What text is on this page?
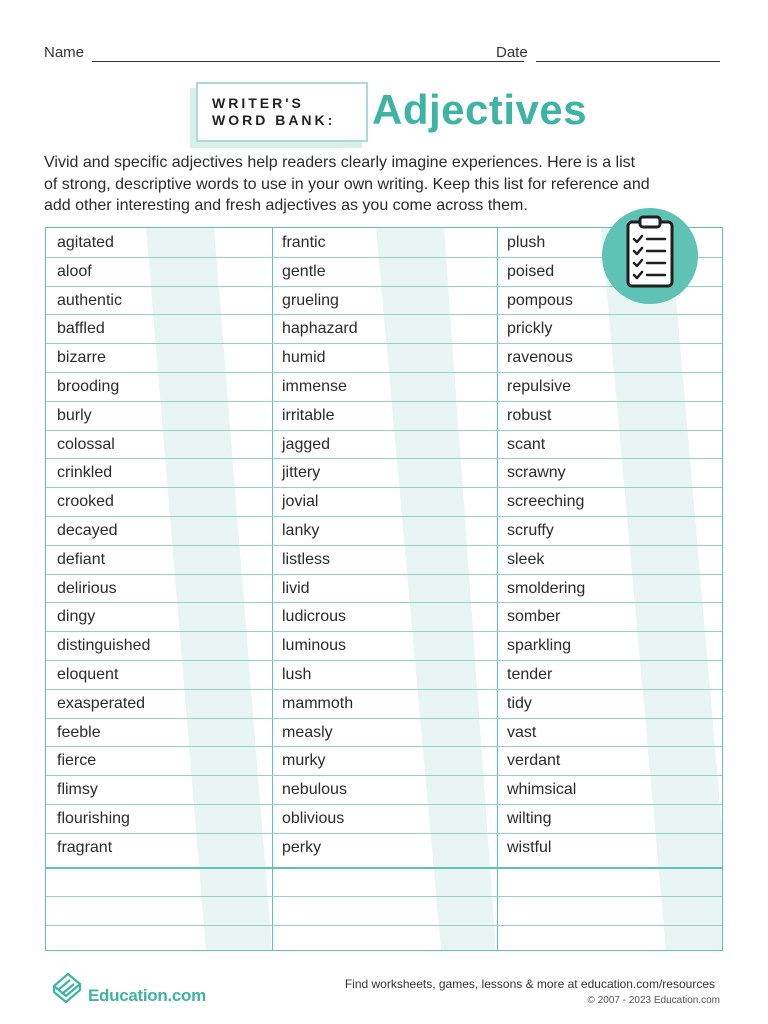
Name	Date
WRITER'S
WORD BANK: Adjectives
Vivid and specific adjectives help readers clearly imagine experiences. Here is a list
of strong, descriptive words to use in your own writing. Keep this list for reference and
add other interesting and fresh adjectives as you come across them.
agitated	frantic	plush
aloof	gentle	poised
authentic	grueling	pompous
baffled	haphazard	prickly
bizarre	humid	ravenous
brooding	immense	repulsive
burly	irritable	robust
colossal	jagged	scant
crinkled	jittery	scrawny
crooked	jovial	screeching
decayed	lanky	scruffy
defiant	listless	sleek
delirious	livid	smoldering
dingy	ludicrous	somber
distinguished	luminous	sparkling
eloquent	lush	tender
exasperated	mammoth	tidy
feeble	measly	vast
fierce	murky	verdant
flimsy	nebulous	whimsical
flourishing	oblivious	wilting
fragrant	perky	wistful
Education.com
Find worksheets, games, lessons & more at education.com/resources
© 2007 - 2023 Education.com
